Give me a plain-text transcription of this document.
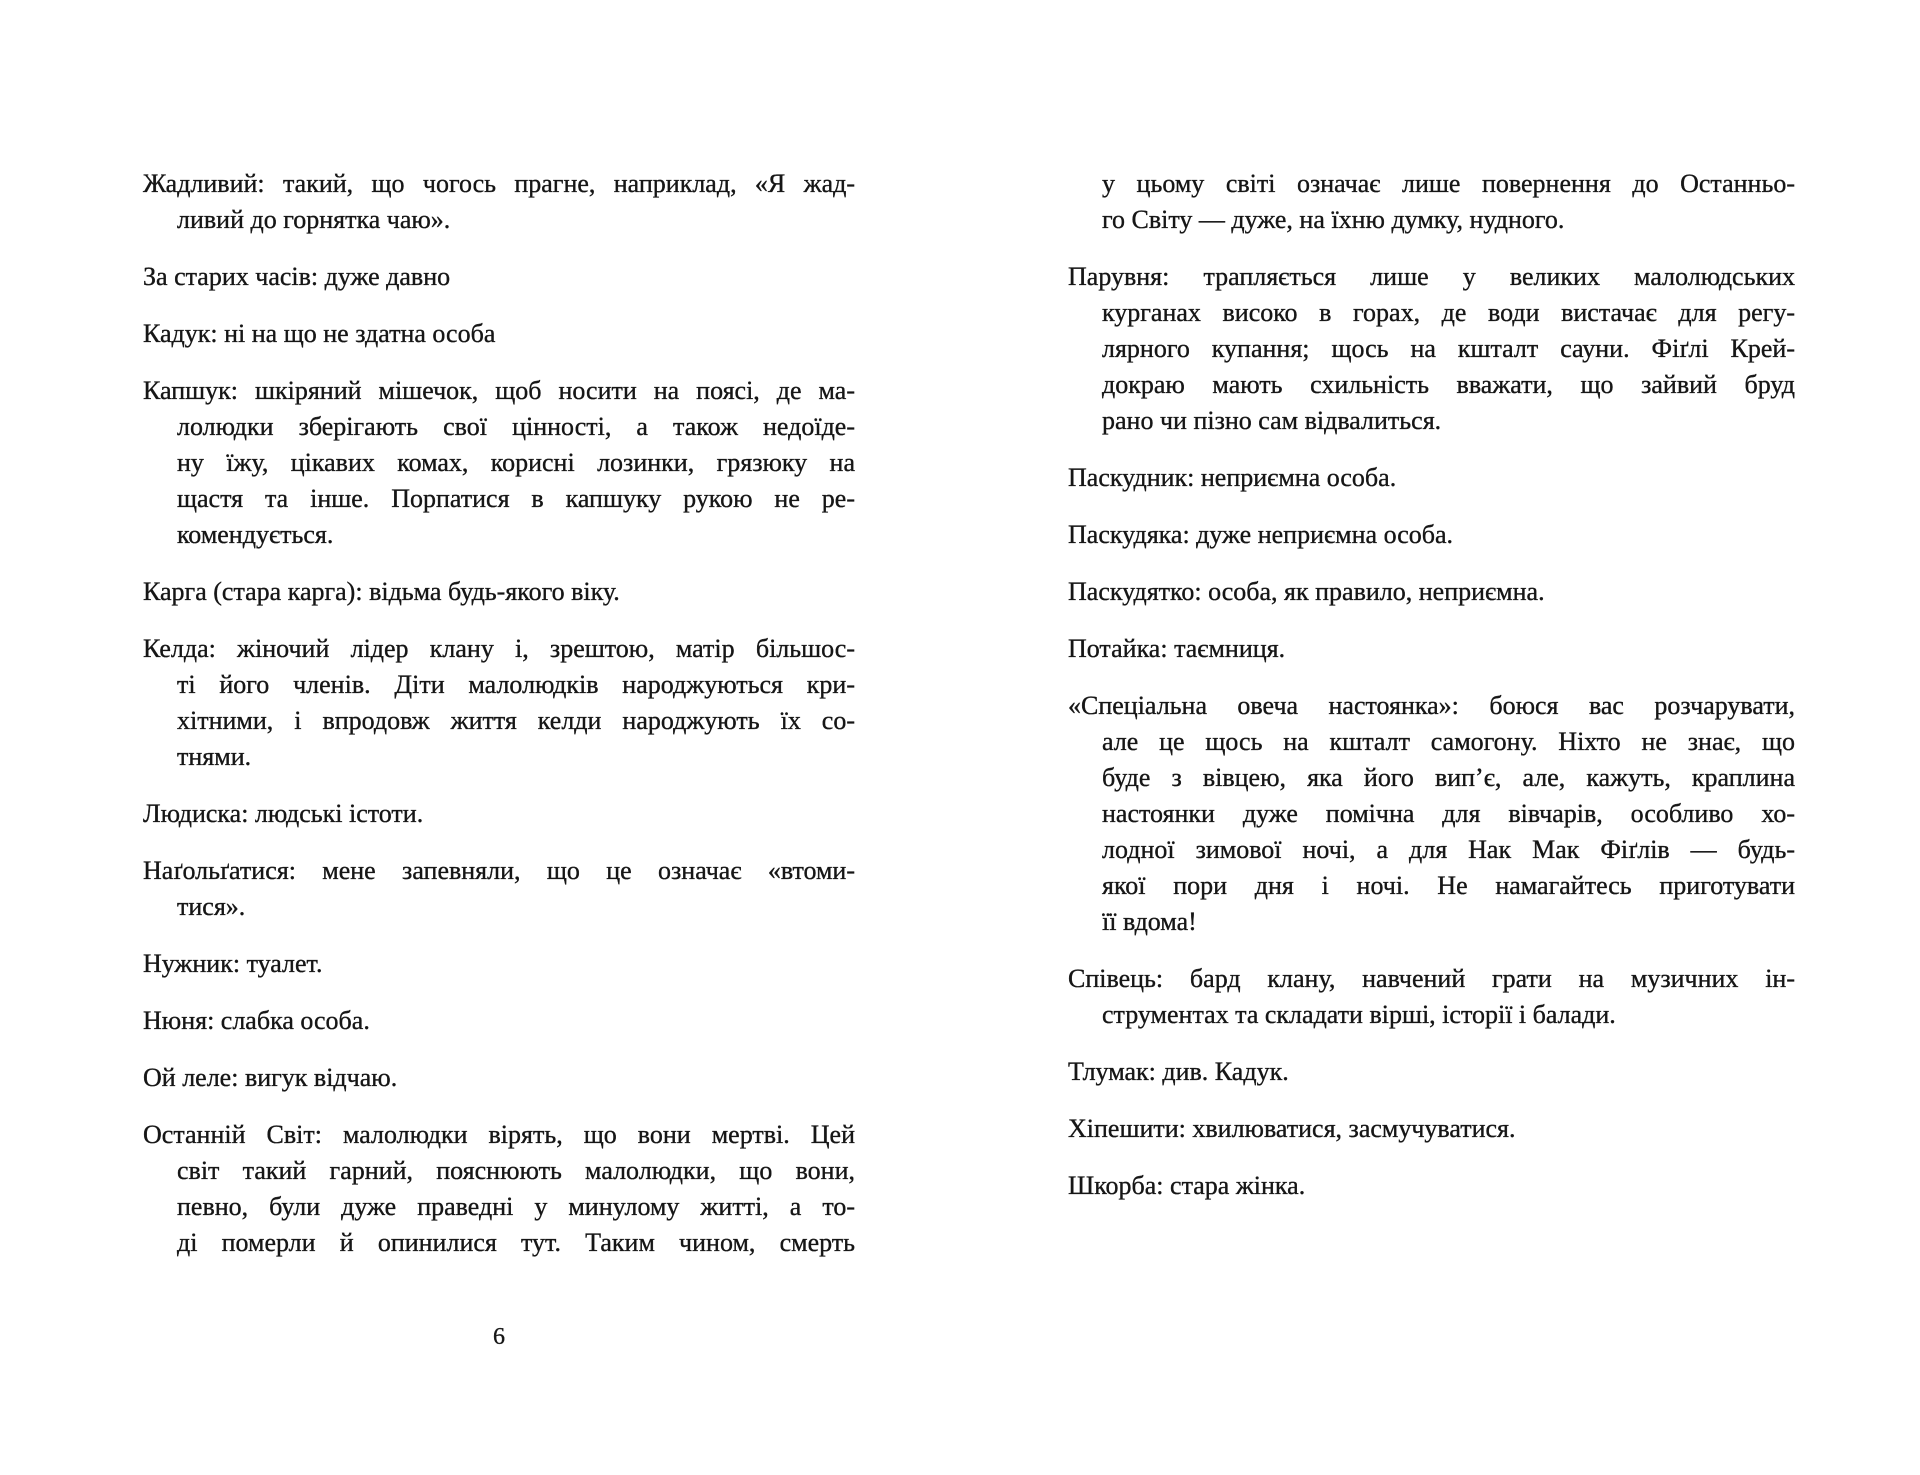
Жадливий: такий, що чогось прагне, наприклад, «Я жад-
ливий до горнятка чаю».
За старих часів: дуже давно
Кадук: ні на що не здатна особа
Капшук: шкіряний мішечок, щоб носити на поясі, де ма-
лолюдки зберігають свої цінності, а також недоїде-
ну їжу, цікавих комах, корисні лозинки, грязюку на
щастя та інше. Порпатися в капшуку рукою не ре-
комендується.
Карга (стара карга): відьма будь-якого віку.
Келда: жіночий лідер клану і, зрештою, матір більшос-
ті його членів. Діти малолюдків народжуються кри-
хітними, і впродовж життя келди народжують їх со-
тнями.
Людиска: людські істоти.
Наґольґатися: мене запевняли, що це означає «втоми-
тися».
Нужник: туалет.
Нюня: слабка особа.
Ой леле: вигук відчаю.
Останній Світ: малолюдки вірять, що вони мертві. Цей
світ такий гарний, пояснюють малолюдки, що вони,
певно, були дуже праведні у минулому житті, а то-
ді померли й опинилися тут. Таким чином, смерть
у цьому світі означає лише повернення до Останньо-
го Світу — дуже, на їхню думку, нудного.
Парувня: трапляється лише у великих малолюдських
курганах високо в горах, де води вистачає для регу-
лярного купання; щось на кшталт сауни. Фіґлі Крей-
докраю мають схильність вважати, що зайвий бруд
рано чи пізно сам відвалиться.
Паскудник: неприємна особа.
Паскудяка: дуже неприємна особа.
Паскудятко: особа, як правило, неприємна.
Потайка: таємниця.
«Спеціальна овеча настоянка»: боюся вас розчарувати,
але це щось на кшталт самогону. Ніхто не знає, що
буде з вівцею, яка його вип’є, але, кажуть, краплина
настоянки дуже помічна для вівчарів, особливо хо-
лодної зимової ночі, а для Нак Мак Фіґлів — будь-
якої пори дня і ночі. Не намагайтесь приготувати
її вдома!
Співець: бард клану, навчений грати на музичних ін-
струментах та складати вірші, історії і балади.
Тлумак: див. Кадук.
Хіпешити: хвилюватися, засмучуватися.
Шкорба: стара жінка.
6
